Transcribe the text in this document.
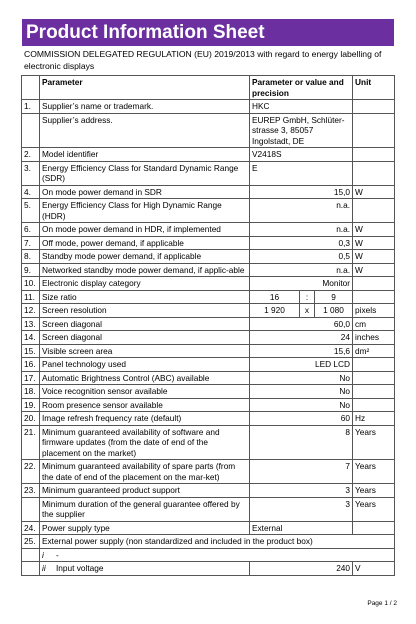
Product Information Sheet
COMMISSION DELEGATED REGULATION (EU) 2019/2013 with regard to energy labelling of electronic displays
	Parameter	Parameter or value and precision			Unit
1.	Supplier’s name or trademark.	HKC			
	Supplier’s address.	EUREP GmbH, Schlüter-strasse 3, 85057 Ingolstadt, DE			
2.	Model identifier	V2418S			
3.	Energy Efficiency Class for Standard Dynamic Range (SDR)	E			
4.	On mode power demand in SDR	15,0			W
5.	Energy Efficiency Class for High Dynamic Range (HDR)	n.a.			
6.	On mode power demand in HDR, if implemented	n.a.			W
7.	Off mode, power demand, if applicable	0,3			W
8.	Standby mode power demand, if applicable	0,5			W
9.	Networked standby mode power demand, if applic-able	n.a.			W
10.	Electronic display category	Monitor			
11.	Size ratio	16	:	9	
12.	Screen resolution	1 920	x	1 080	pixels
13.	Screen diagonal	60,0			cm
14.	Screen diagonal	24			inches
15.	Visible screen area	15,6			dm²
16.	Panel technology used	LED LCD			
17.	Automatic Brightness Control (ABC) available	No			
18.	Voice recognition sensor available	No			
19.	Room presence sensor available	No			
20.	Image refresh frequency rate (default)	60			Hz
21.	Minimum guaranteed availability of software and firmware updates (from the date of end of the placement on the market)	8			Years
22.	Minimum guaranteed availability of spare parts (from the date of end of the placement on the mar-ket)	7			Years
23.	Minimum guaranteed product support	3			Years
	Minimum duration of the general guarantee offered by the supplier	3			Years
24.	Power supply type	External			
25.	External power supply (non standardized and included in the product box)				
	i -				
	ii Input voltage	240			V
Page 1 / 2
